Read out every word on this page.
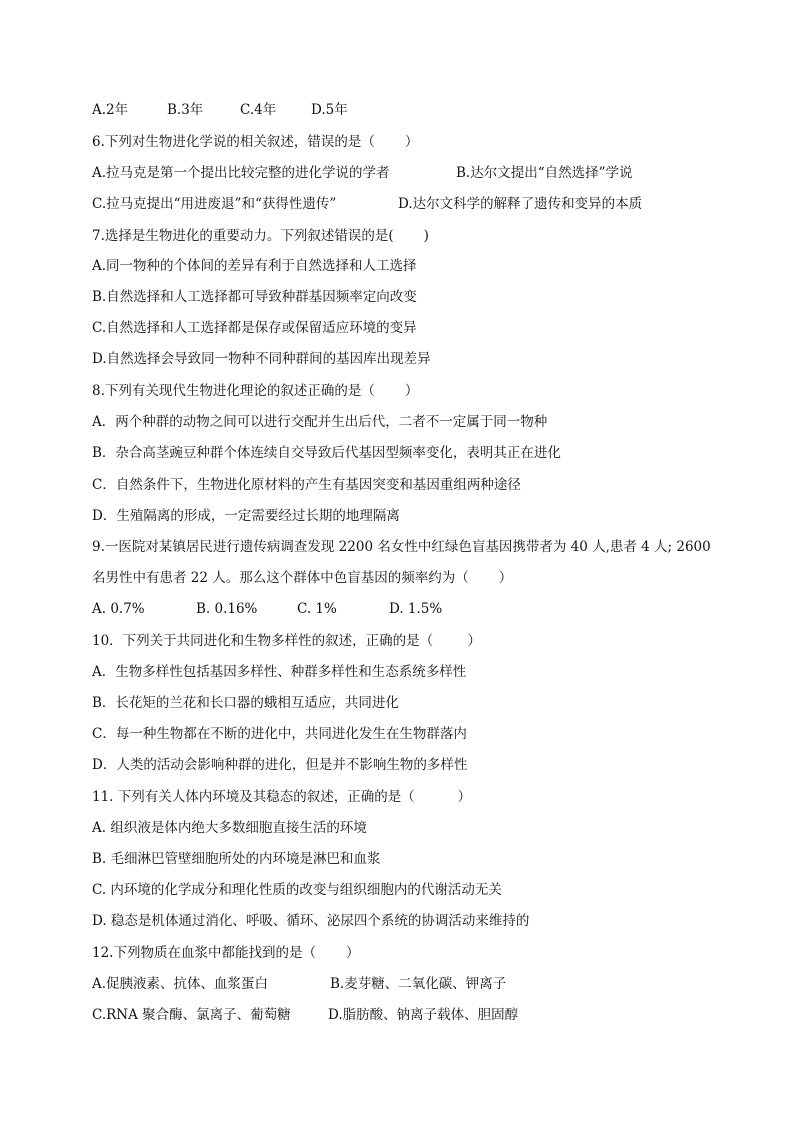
A.2年

	B.3年

	C.4年

	D.5年

6.下列对生物进化学说的相关叙述，错误的是（       ）

A.拉马克是第一个提出比较完整的进化学说的学者

	B.达尔文提出“自然选择”学说

C.拉马克提出“用进废退”和“获得性遗传”

	D.达尔文科学的解释了遗传和变异的本质

7.选择是生物进化的重要动力。下列叙述错误的是(       )
A.同一物种的个体间的差异有利于自然选择和人工选择
B.自然选择和人工选择都可导致种群基因频率定向改变
C.自然选择和人工选择都是保存或保留适应环境的变异
D.自然选择会导致同一物种不同种群间的基因库出现差异
8.下列有关现代生物进化理论的叙述正确的是（       ）
A．两个种群的动物之间可以进行交配并生出后代，二者不一定属于同一物种
B．杂合高茎豌豆种群个体连续自交导致后代基因型频率变化，表明其正在进化
C．自然条件下，生物进化原材料的产生有基因突变和基因重组两种途径
D．生殖隔离的形成，一定需要经过长期的地理隔离
9.一医院对某镇居民进行遗传病调查发现 2200 名女性中红绿色盲基因携带者为 40 人,患者 4 人; 2600
名男性中有患者 22 人。那么这个群体中色盲基因的频率约为（       ）

A. 0.7%

	B. 0.16%

	C. 1%

	D. 1.5%

10．下列关于共同进化和生物多样性的叙述，正确的是（        ）
A．生物多样性包括基因多样性、种群多样性和生态系统多样性
B．长花矩的兰花和长口器的蛾相互适应，共同进化
C．每一种生物都在不断的进化中，共同进化发生在生物群落内
D．人类的活动会影响种群的进化，但是并不影响生物的多样性
11. 下列有关人体内环境及其稳态的叙述，正确的是（          ）
A. 组织液是体内绝大多数细胞直接生活的环境
B. 毛细淋巴管壁细胞所处的内环境是淋巴和血浆
C. 内环境的化学成分和理化性质的改变与组织细胞内的代谢活动无关
D. 稳态是机体通过消化、呼吸、循环、泌尿四个系统的协调活动来维持的
12.下列物质在血浆中都能找到的是（       ）

A.促胰液素、抗体、血浆蛋白

	B.麦芽糖、二氧化碳、钾离子

C.RNA 聚合酶、氯离子、葡萄糖

	D.脂肪酸、钠离子载体、胆固醇
